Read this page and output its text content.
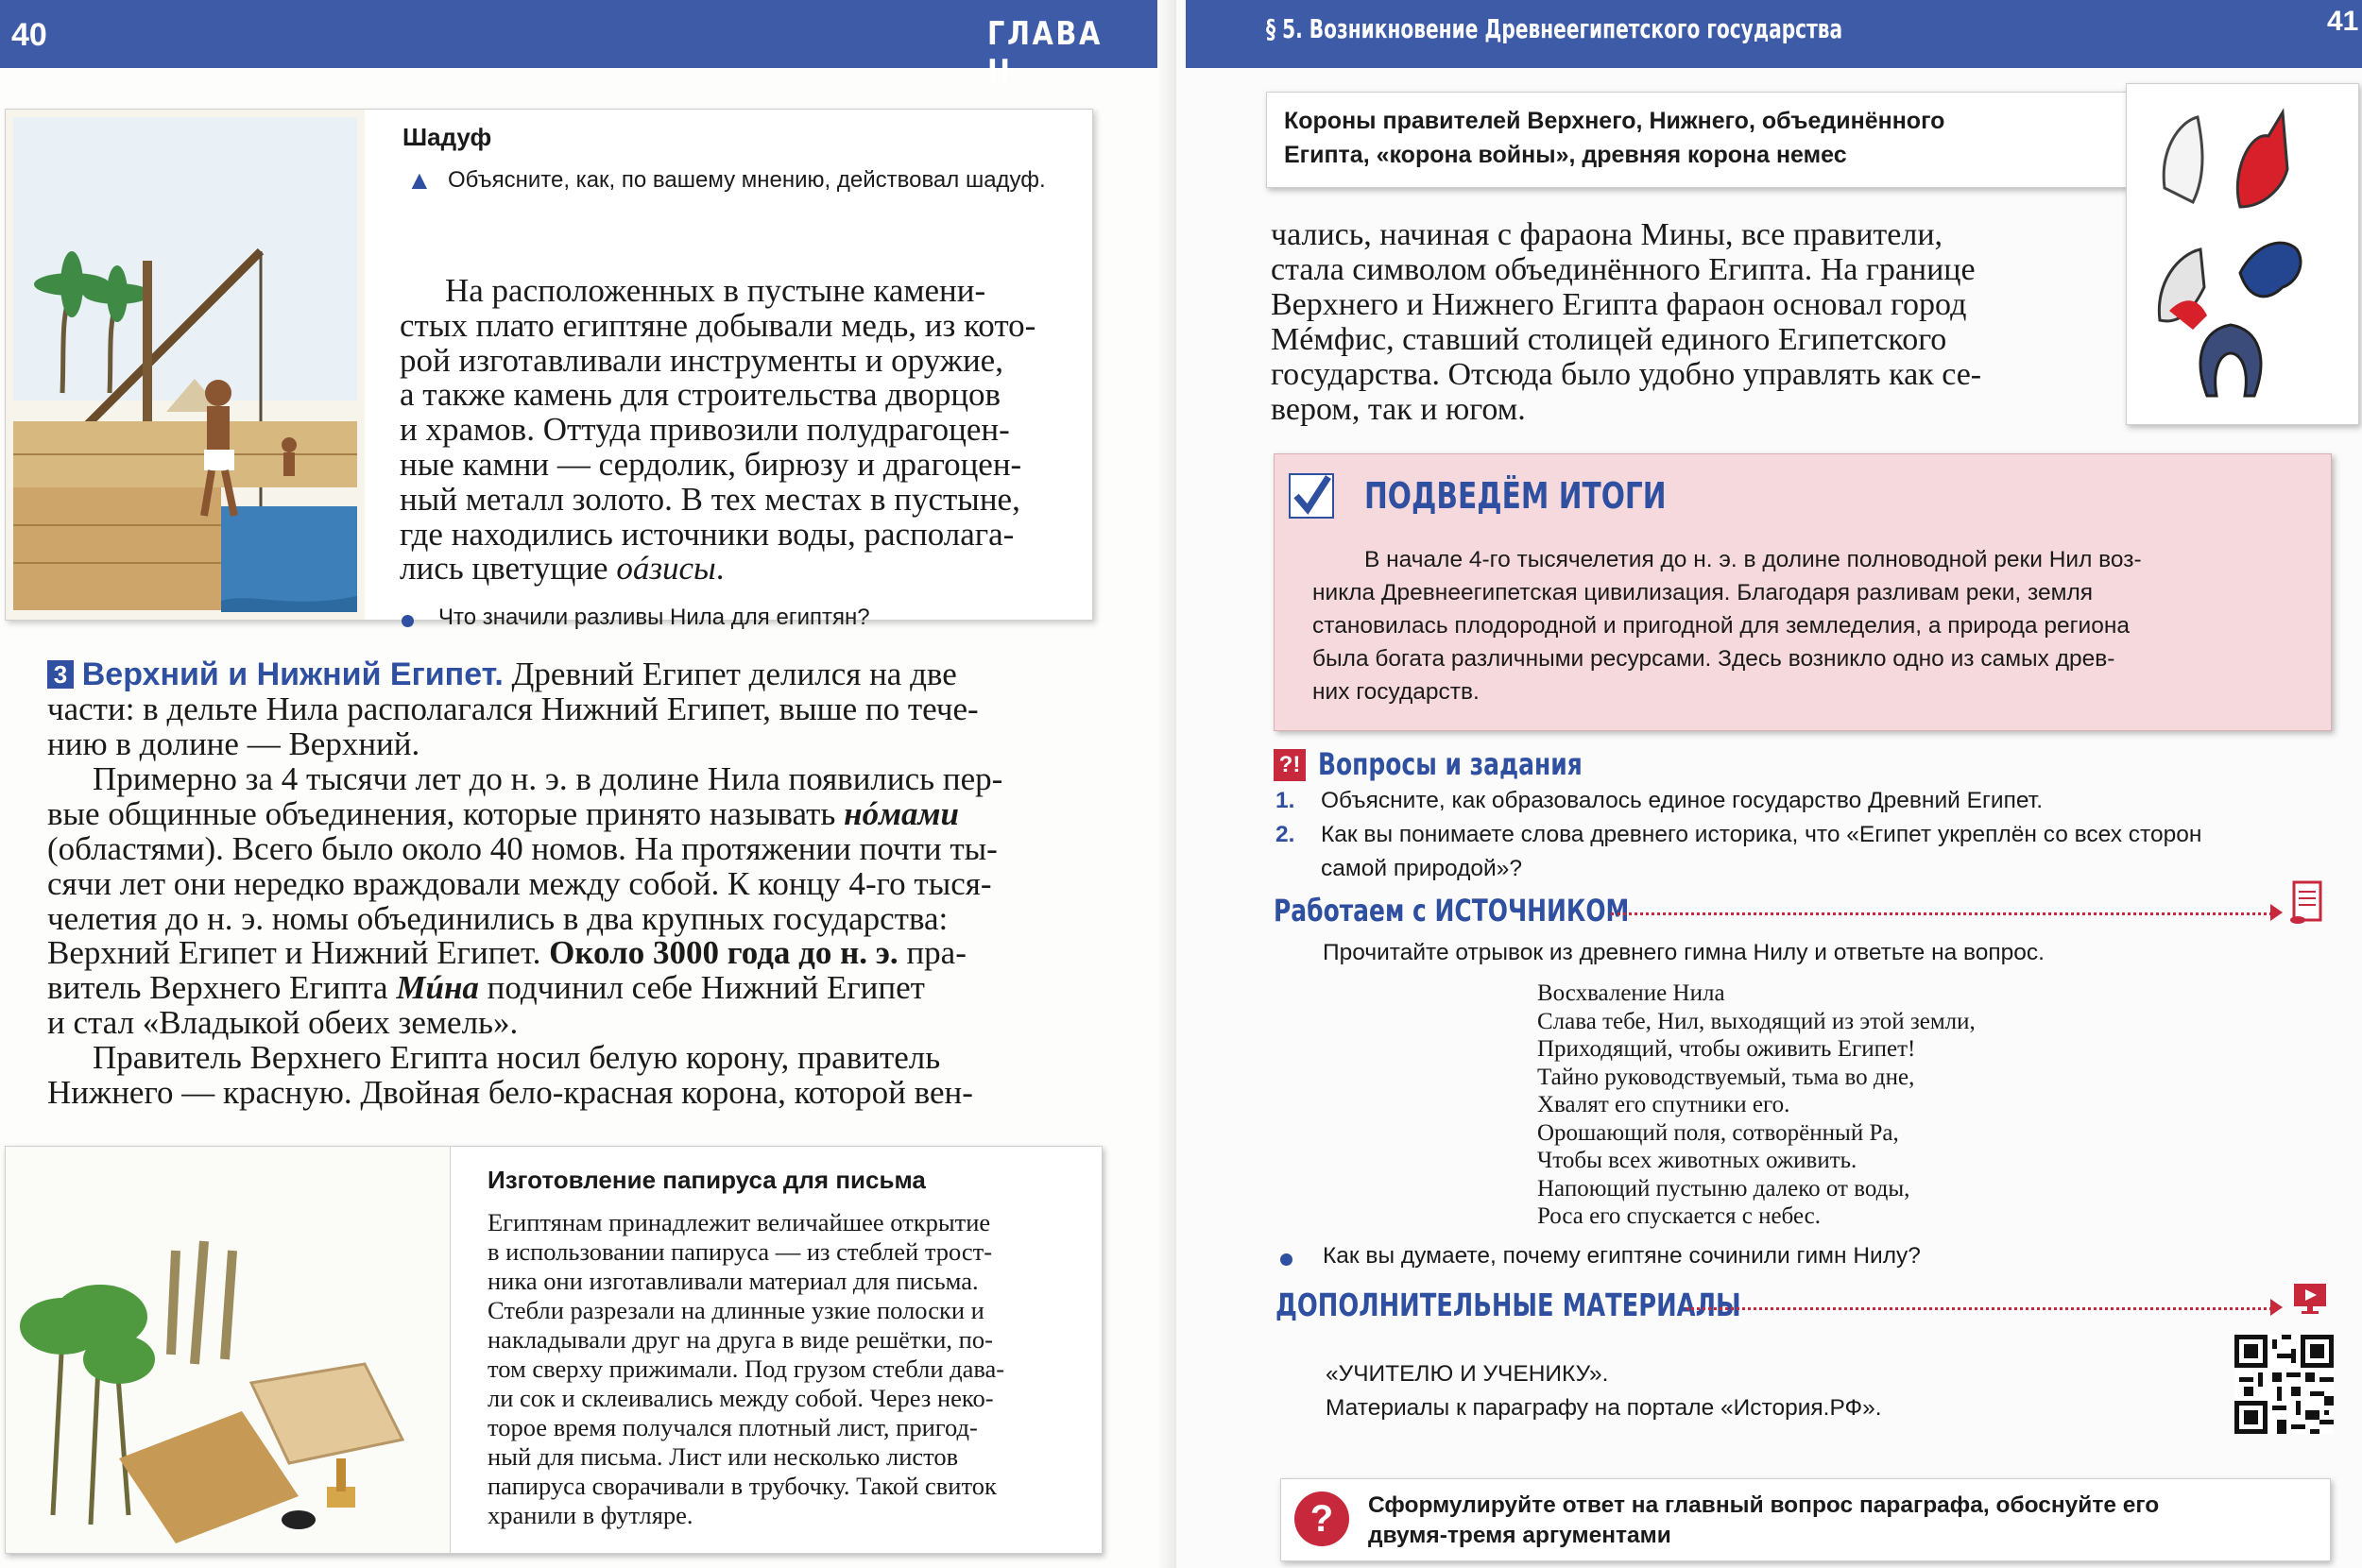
40	ГЛАВА II
Шадуф
▲ Объясните, как, по вашему мнению, действовал шадуф.

На расположенных в пустыне камени-

стых плато египтяне добывали медь, из кото-

рой изготавливали инструменты и оружие,

а также камень для строительства дворцов

и храмов. Оттуда привозили полудрагоцен-

ные камни — сердолик, бирюзу и драгоцен-

ный металл золото. В тех местах в пустыне,

где находились источники воды, располага-

лись цветущие оáзисы.

Что значили разливы Нила для египтян?

3 Верхний и Нижний Египет. Древний Египет делился на две

части: в дельте Нила располагался Нижний Египет, выше по тече-

нию в долине — Верхний.

Примерно за 4 тысячи лет до н. э. в долине Нила появились пер-

вые общинные объединения, которые принято называть нóмами

(областями). Всего было около 40 номов. На протяжении почти ты-

сячи лет они нередко враждовали между собой. К концу 4-го тыся-

челетия до н. э. номы объединились в два крупных государства:

Верхний Египет и Нижний Египет. Около 3000 года до н. э. пра-

витель Верхнего Египта Мúна подчинил себе Нижний Египет

и стал «Владыкой обеих земель».

Правитель Верхнего Египта носил белую корону, правитель

Нижнего — красную. Двойная бело-красная корона, которой вен-

Изготовление папируса для письма
Египтянам принадлежит величайшее открытие
в использовании папируса — из стеблей трост-
ника они изготавливали материал для письма.
Стебли разрезали на длинные узкие полоски и
накладывали друг на друга в виде решётки, по-
том сверху прижимали. Под грузом стебли дава-
ли сок и склеивались между собой. Через неко-
торое время получался плотный лист, пригод-
ный для письма. Лист или несколько листов
папируса сворачивали в трубочку. Такой свиток
хранили в футляре.
§ 5. Возникновение Древнеегипетского государства	41
Короны правителей Верхнего, Нижнего, объединённого
Египта, «корона войны», древняя корона немес

чались, начиная с фараона Мины, все правители,

стала символом объединённого Египта. На границе

Верхнего и Нижнего Египта фараон основал город

Мéмфис, ставший столицей единого Египетского

государства. Отсюда было удобно управлять как се-

вером, так и югом.

ПОДВЕДЁМ ИТОГИ
В начале 4-го тысячелетия до н. э. в долине полноводной реки Нил воз-
никла Древнеегипетская цивилизация. Благодаря разливам реки, земля
становилась плодородной и пригодной для земледелия, а природа региона
была богата различными ресурсами. Здесь возникло одно из самых древ-
них государств.
?! Вопросы и задания
1. Объясните, как образовалось единое государство Древний Египет.
2. Как вы понимаете слова древнего историка, что «Египет укреплён со всех сторон
самой природой»?
Работаем с ИСТОЧНИКОМ
Прочитайте отрывок из древнего гимна Нилу и ответьте на вопрос.
Восхваление Нила
Слава тебе, Нил, выходящий из этой земли,
Приходящий, чтобы оживить Египет!
Тайно руководствуемый, тьма во дне,
Хвалят его спутники его.
Орошающий поля, сотворённый Ра,
Чтобы всех животных оживить.
Напоющий пустыню далеко от воды,
Роса его спускается с небес.
Как вы думаете, почему египтяне сочинили гимн Нилу?
ДОПОЛНИТЕЛЬНЫЕ МАТЕРИАЛЫ
«УЧИТЕЛЮ И УЧЕНИКУ».
Материалы к параграфу на портале «История.РФ».
?	Сформулируйте ответ на главный вопрос параграфа, обоснуйте его
двумя-тремя аргументами
